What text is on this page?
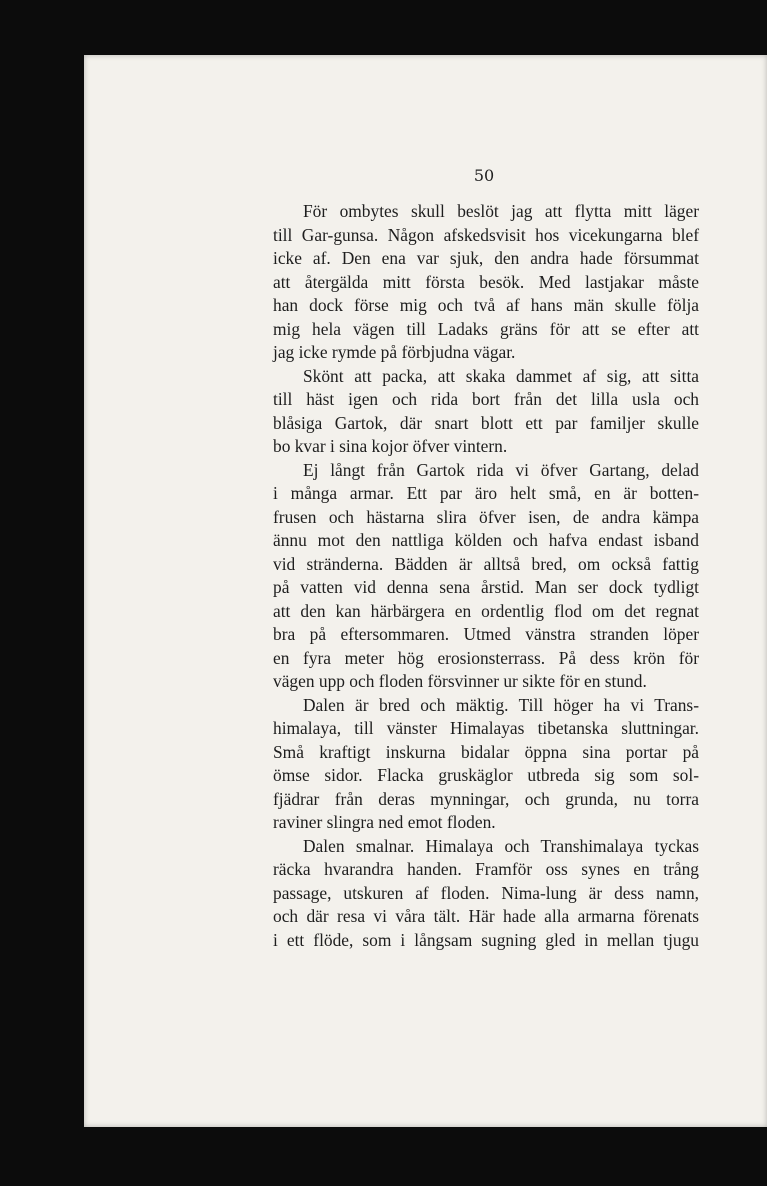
50
För ombytes skull beslöt jag att flytta mitt läger
till Gar-gunsa. Någon afskedsvisit hos vicekungarna blef
icke af. Den ena var sjuk, den andra hade försummat
att återgälda mitt första besök. Med lastjakar måste
han dock förse mig och två af hans män skulle följa
mig hela vägen till Ladaks gräns för att se efter att
jag icke rymde på förbjudna vägar.
Skönt att packa, att skaka dammet af sig, att sitta
till häst igen och rida bort från det lilla usla och
blåsiga Gartok, där snart blott ett par familjer skulle
bo kvar i sina kojor öfver vintern.
Ej långt från Gartok rida vi öfver Gartang, delad
i många armar. Ett par äro helt små, en är botten-
frusen och hästarna slira öfver isen, de andra kämpa
ännu mot den nattliga kölden och hafva endast isband
vid stränderna. Bädden är alltså bred, om också fattig
på vatten vid denna sena årstid. Man ser dock tydligt
att den kan härbärgera en ordentlig flod om det regnat
bra på eftersommaren. Utmed vänstra stranden löper
en fyra meter hög erosionsterrass. På dess krön för
vägen upp och floden försvinner ur sikte för en stund.
Dalen är bred och mäktig. Till höger ha vi Trans-
himalaya, till vänster Himalayas tibetanska sluttningar.
Små kraftigt inskurna bidalar öppna sina portar på
ömse sidor. Flacka gruskäglor utbreda sig som sol-
fjädrar från deras mynningar, och grunda, nu torra
raviner slingra ned emot floden.
Dalen smalnar. Himalaya och Transhimalaya tyckas
räcka hvarandra handen. Framför oss synes en trång
passage, utskuren af floden. Nima-lung är dess namn,
och där resa vi våra tält. Här hade alla armarna förenats
i ett flöde, som i långsam sugning gled in mellan tjugu
